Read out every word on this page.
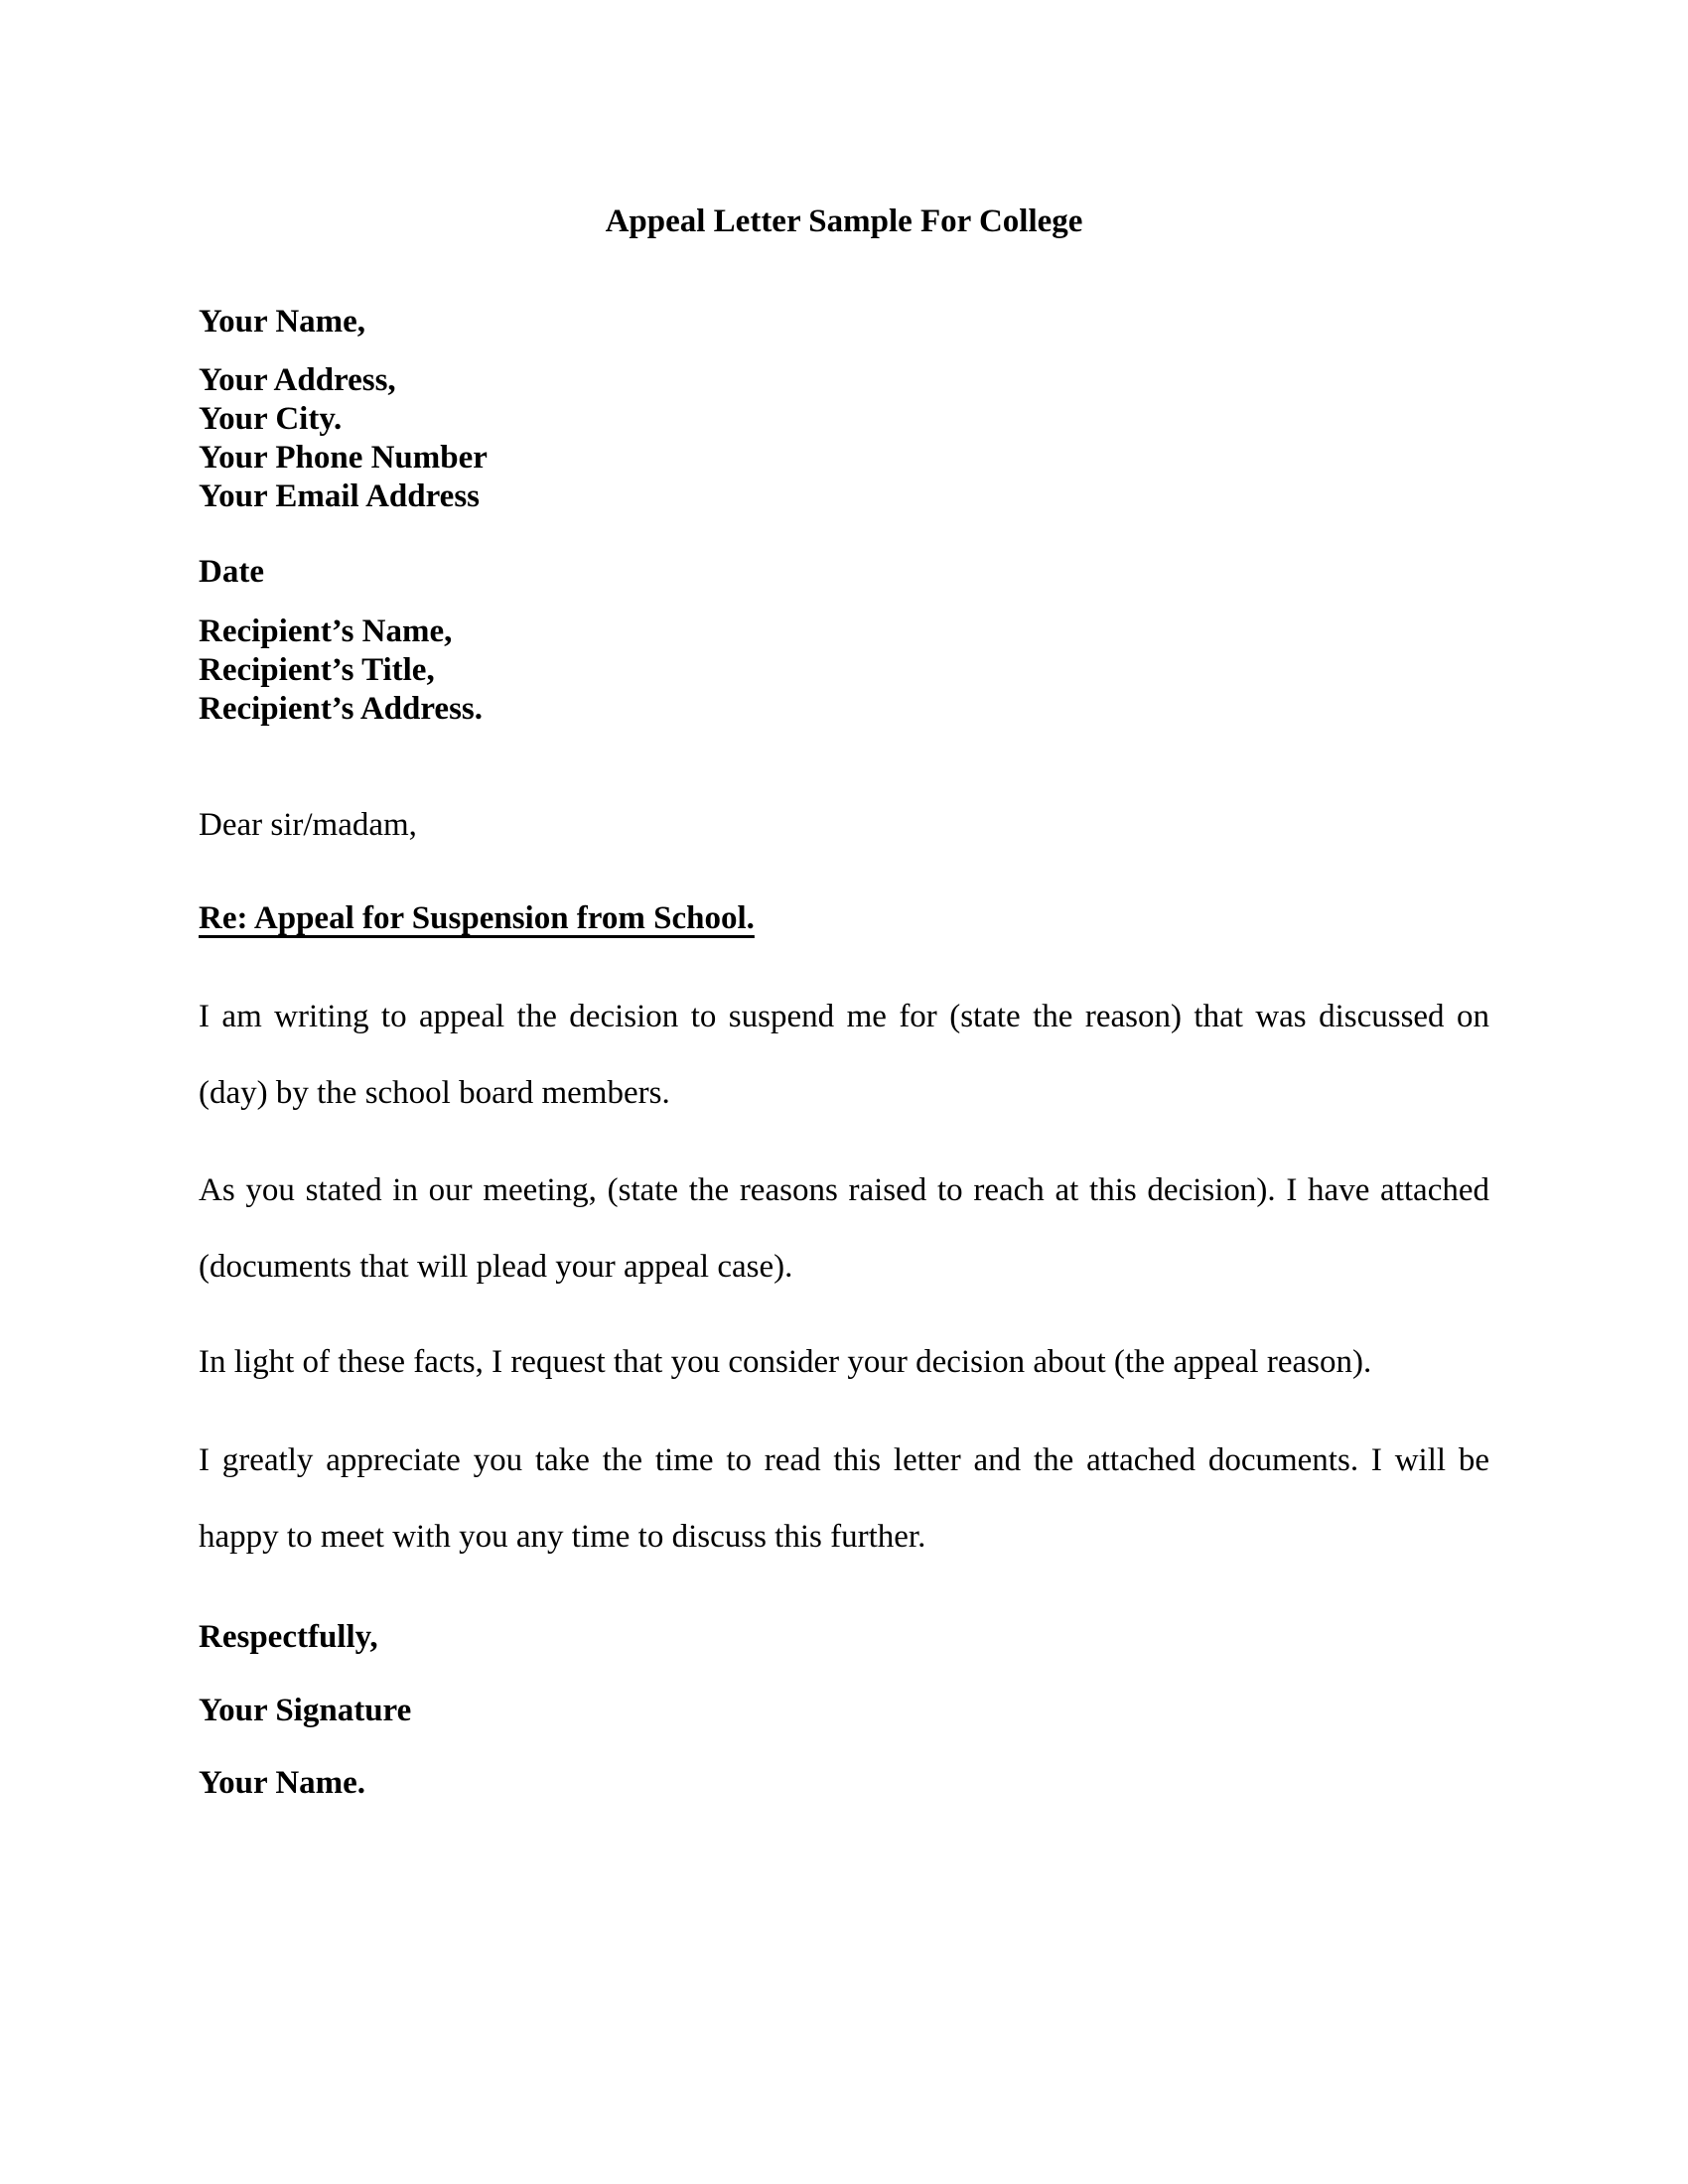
Appeal Letter Sample For College
Your Name,
Your Address,
Your City.
Your Phone Number
Your Email Address
Date
Recipient’s Name,
Recipient’s Title,
Recipient’s Address.
Dear sir/madam,
Re: Appeal for Suspension from School.

I am writing to appeal the decision to suspend me for (state the reason) that was discussed on (day) by the school board members.

As you stated in our meeting, (state the reasons raised to reach at this decision). I have attached (documents that will plead your appeal case).

In light of these facts, I request that you consider your decision about (the appeal reason).

I greatly appreciate you take the time to read this letter and the attached documents. I will be happy to meet with you any time to discuss this further.

Respectfully,
Your Signature
Your Name.
